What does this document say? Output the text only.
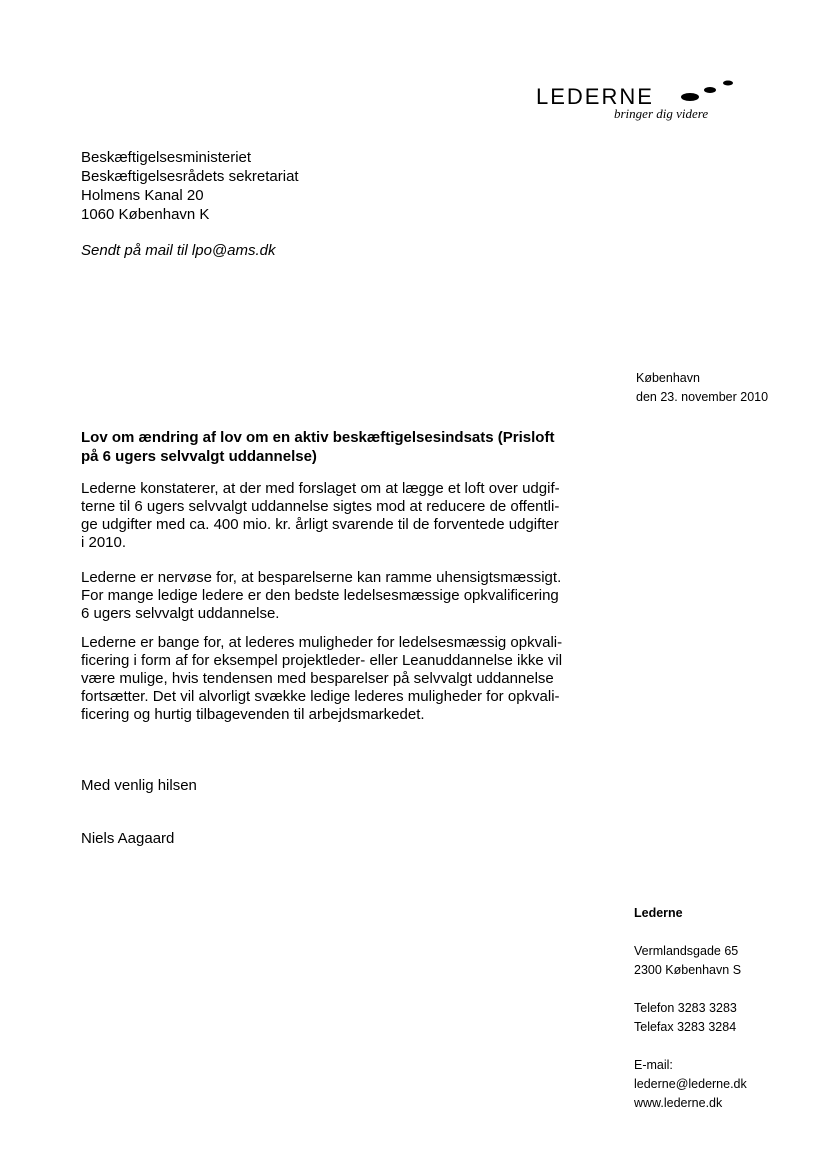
LEDERNE
bringer dig videre
Beskæftigelsesministeriet
Beskæftigelsesrådets sekretariat
Holmens Kanal 20
1060 København K
Sendt på mail til lpo@ams.dk
København
den 23. november 2010
Lov om ændring af lov om en aktiv beskæftigelsesindsats (Prisloft
på 6 ugers selvvalgt uddannelse)
Lederne konstaterer, at der med forslaget om at lægge et loft over udgif-
terne til 6 ugers selvvalgt uddannelse sigtes mod at reducere de offentli-
ge udgifter med ca. 400 mio. kr. årligt svarende til de forventede udgifter
i 2010.
Lederne er nervøse for, at besparelserne kan ramme uhensigtsmæssigt.
For mange ledige ledere er den bedste ledelsesmæssige opkvalificering
6 ugers selvvalgt uddannelse.
Lederne er bange for, at lederes muligheder for ledelsesmæssig opkvali-
ficering i form af for eksempel projektleder- eller Leanuddannelse ikke vil
være mulige, hvis tendensen med besparelser på selvvalgt uddannelse
fortsætter. Det vil alvorligt svække ledige lederes muligheder for opkvali-
ficering og hurtig tilbagevenden til arbejdsmarkedet.
Med venlig hilsen
Niels Aagaard
Lederne
Vermlandsgade 65
2300 København S
Telefon 3283 3283
Telefax 3283 3284
E-mail:
lederne@lederne.dk
www.lederne.dk
